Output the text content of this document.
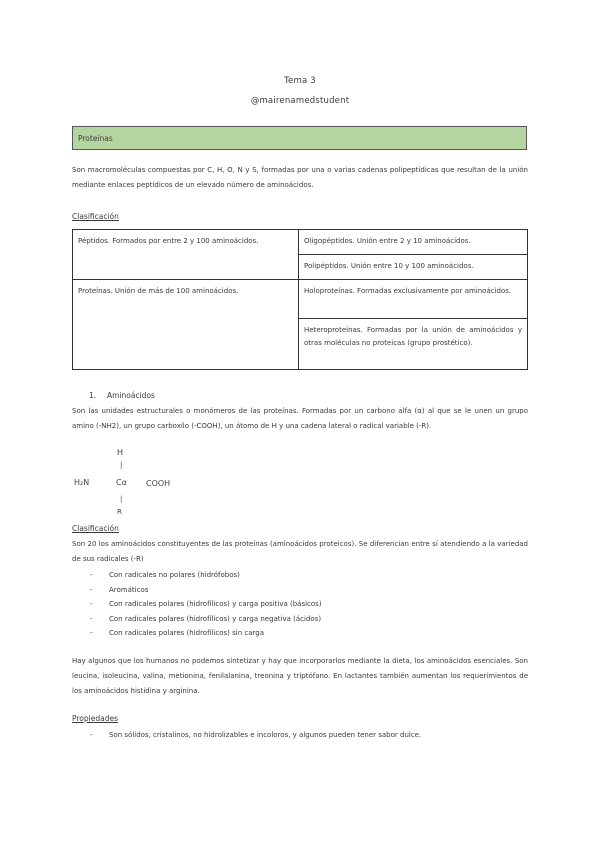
Tema 3
@mairenamedstudent
Proteínas
Son macromoléculas compuestas por C, H, O, N y S, formadas por una o varias cadenas polipeptídicas que resultan de la unión mediante enlaces peptídicos de un elevado número de aminoácidos.
Clasificación
Péptidos. Formados por entre 2 y 100 aminoácidos.	Oligopéptidos. Unión entre 2 y 10 aminoácidos.
	Polipéptidos. Unión entre 10 y 100 aminoácidos.
Proteínas. Unión de más de 100 aminoácidos.	Holoproteínas. Formadas exclusivamente por aminoácidos.
	Heteroproteínas. Formadas por la unión de aminoácidos y otras moléculas no proteicas (grupo prostético).
1. Aminoácidos
Son las unidades estructurales o monómeros de las proteínas. Formadas por un carbono alfa (α) al que se le unen un grupo amino (-NH2), un grupo carboxilo (-COOH), un átomo de H y una cadena lateral o radical variable (-R).
H
|
H₂N	Cα COOH
|
R
Clasificación
Son 20 los aminoácidos constituyentes de las proteínas (aminoácidos proteicos). Se diferencian entre sí atendiendo a la variedad de sus radicales (-R)
- Con radicales no polares (hidrófobos)
- Aromáticos
- Con radicales polares (hidrofílicos) y carga positiva (básicos)
- Con radicales polares (hidrofílicos) y carga negativa (ácidos)
- Con radicales polares (hidrofílicos) sin carga
Hay algunos que los humanos no podemos sintetizar y hay que incorporarlos mediante la dieta, los aminoácidos esenciales. Son leucina, isoleucina, valina, metionina, fenilalanina, treonina y triptófano. En lactantes también aumentan los requerimientos de los aminoácidos histidina y arginina.
Propiedades
- Son sólidos, cristalinos, no hidrolizables e incoloros, y algunos pueden tener sabor dulce.
